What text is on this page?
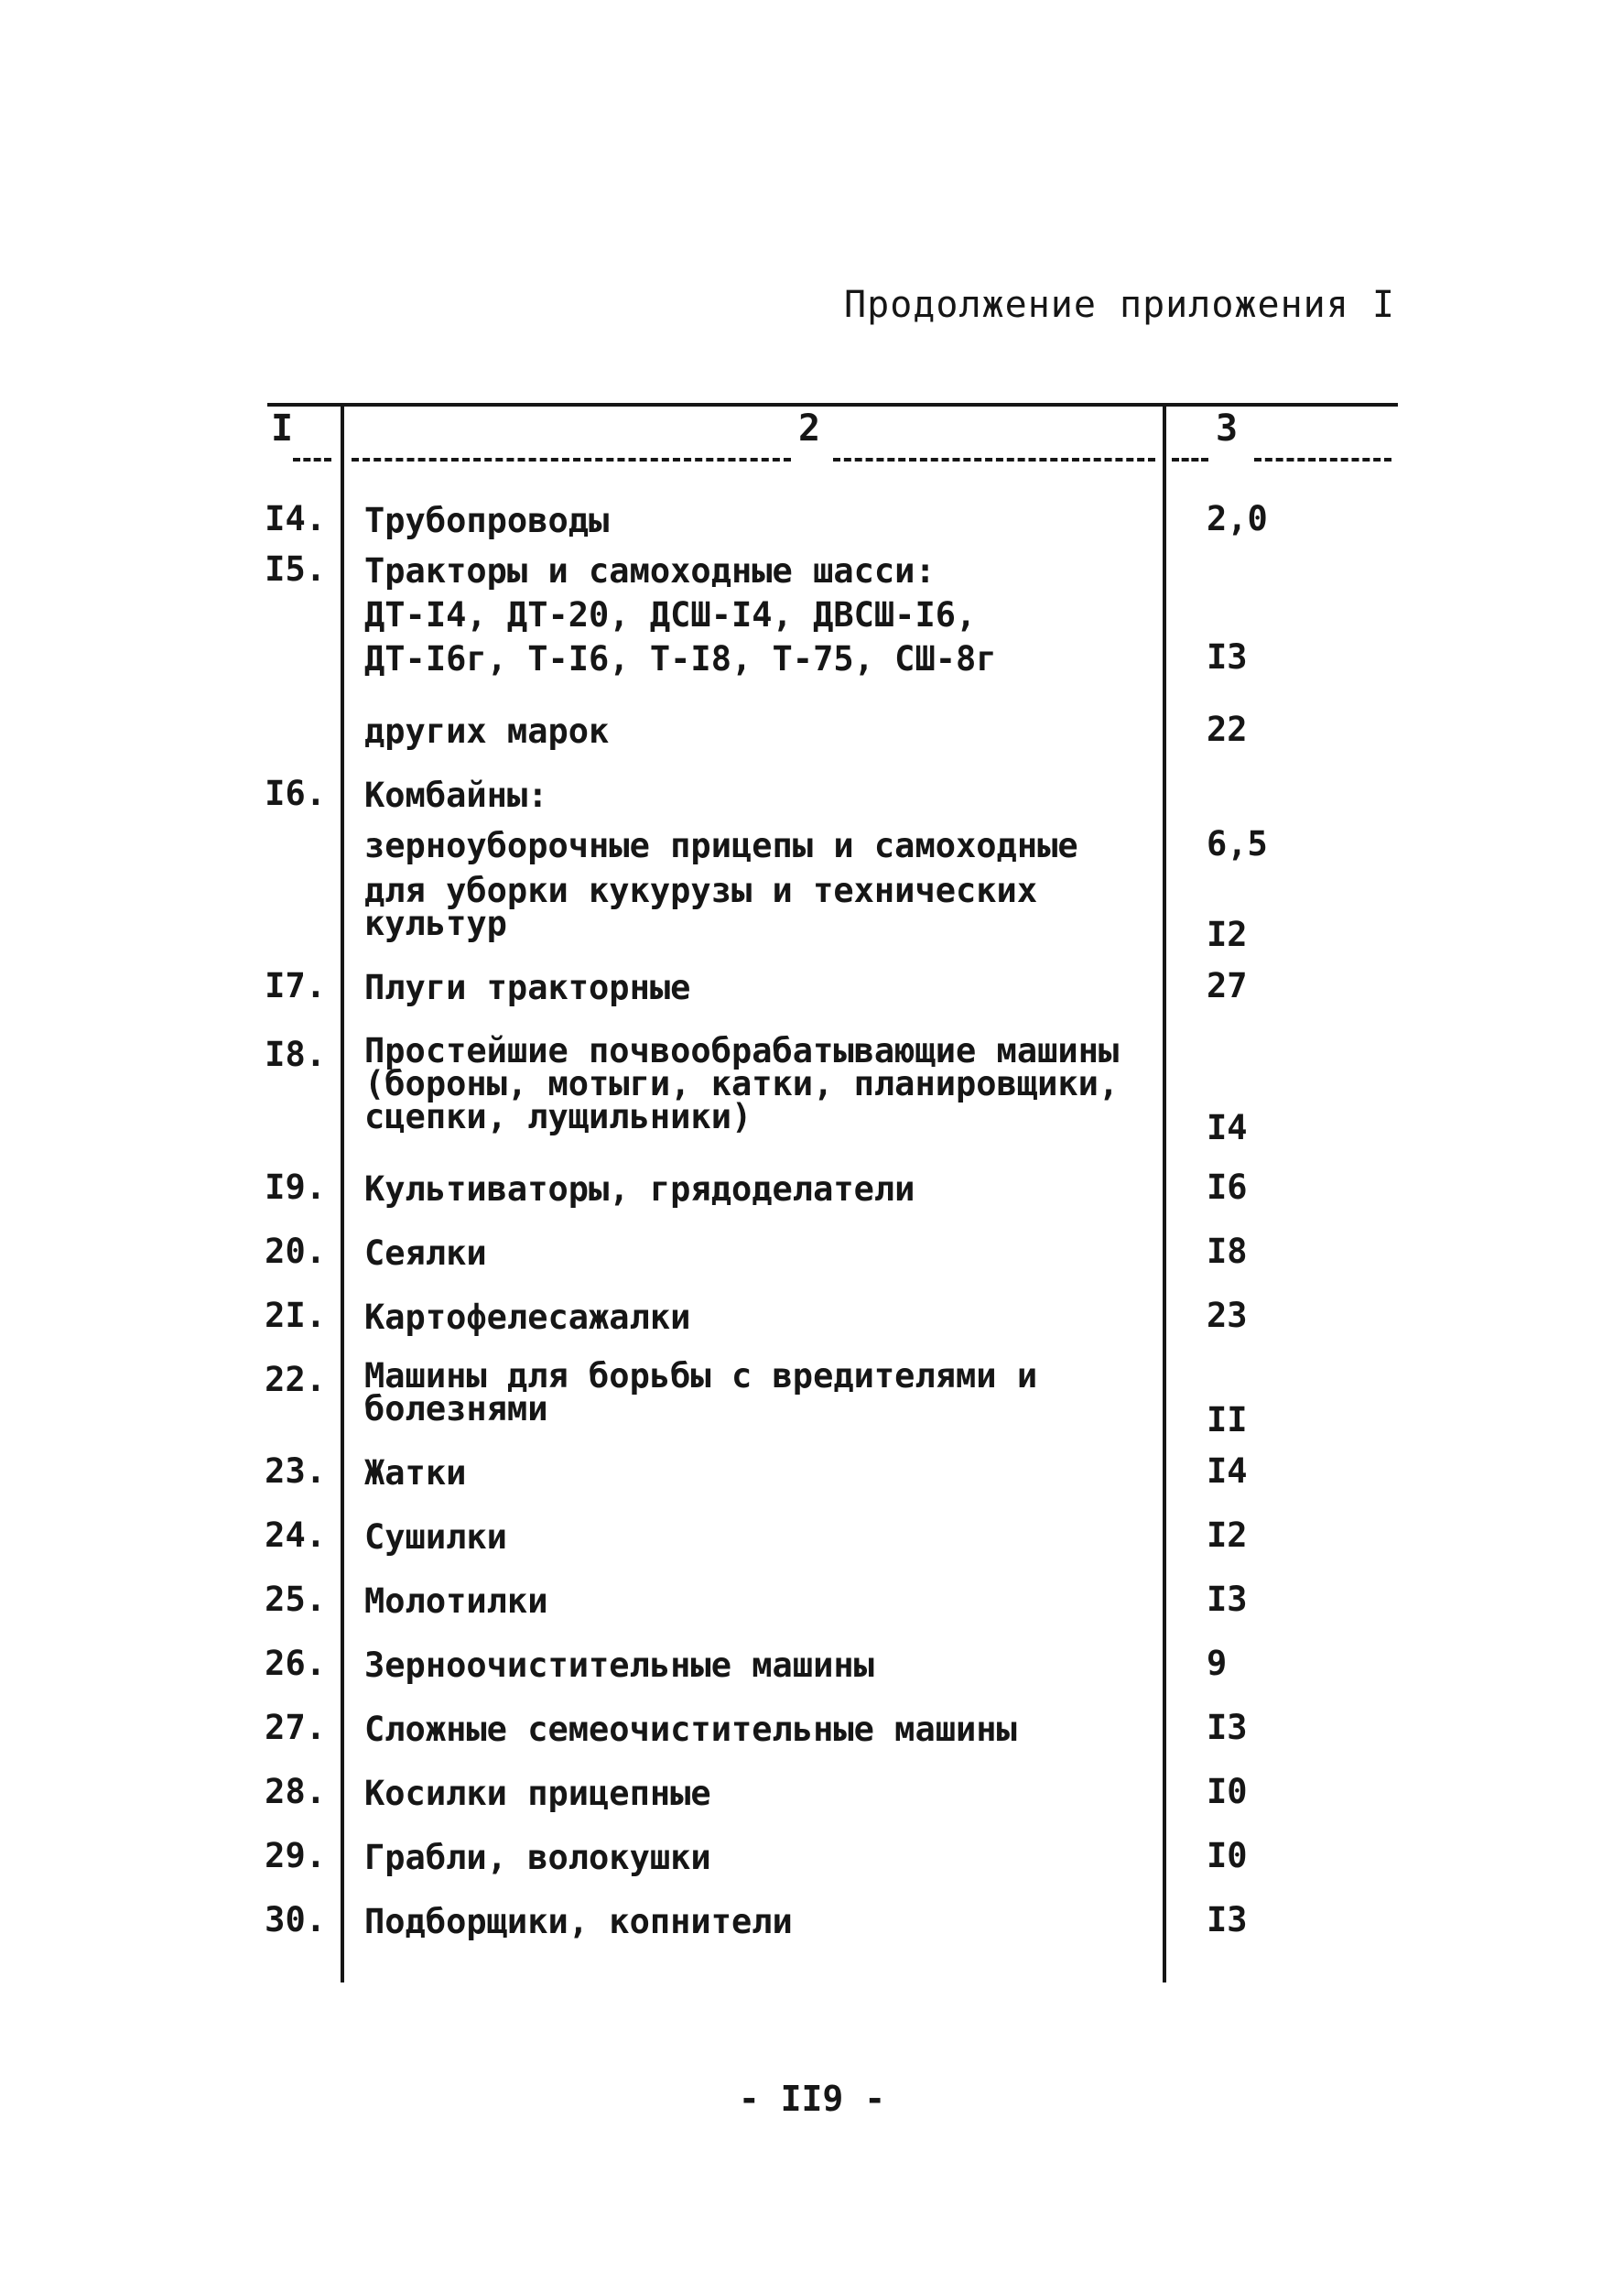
Продолжение приложения I
I	2	3
I4. Трубопроводы	2,0
I5. Тракторы и самоходные шасси:
ДТ-I4, ДТ-20, ДСШ-I4, ДВСШ-I6,
ДТ-I6г, Т-I6, Т-I8, Т-75, СШ-8г	I3
других марок	22
I6. Комбайны:
зерноуборочные прицепы и самоходные	6,5
для уборки кукурузы и технических
культур	I2
I7. Плуги тракторные	27
I8. Простейшие почвообрабатывающие машины
(бороны, мотыги, катки, планировщики,
сцепки, лущильники)	I4
I9. Культиваторы, грядоделатели	I6
20. Сеялки	I8
2I. Картофелесажалки	23
22. Машины для борьбы с вредителями и
болезнями	II
23. Жатки	I4
24. Сушилки	I2
25. Молотилки	I3
26. Зерноочистительные машины	9
27. Сложные семеочистительные машины	I3
28. Косилки прицепные	I0
29. Грабли, волокушки	I0
30. Подборщики, копнители	I3
- II9 -
